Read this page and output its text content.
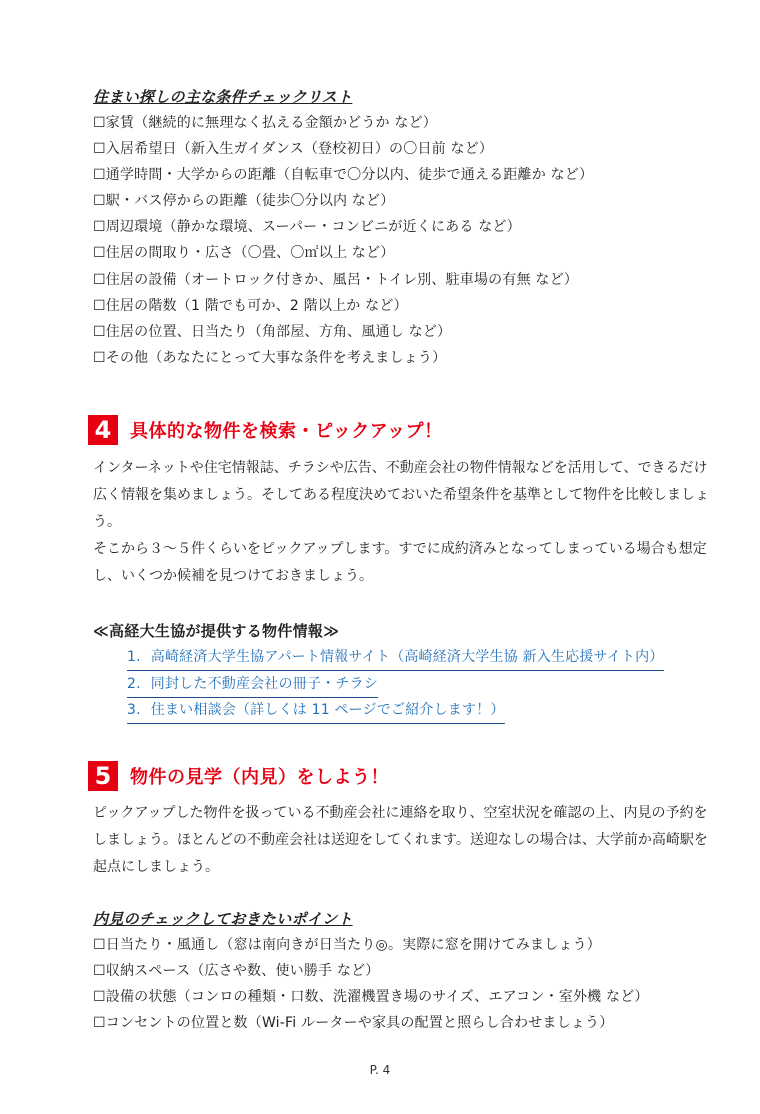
住まい探しの主な条件チェックリスト
☐家賃（継続的に無理なく払える金額かどうか など）
☐入居希望日（新入生ガイダンス（登校初日）の〇日前 など）
☐通学時間・大学からの距離（自転車で〇分以内、徒歩で通える距離か など）
☐駅・バス停からの距離（徒歩〇分以内 など）
☐周辺環境（静かな環境、スーパー・コンビニが近くにある など）
☐住居の間取り・広さ（〇畳、〇㎡以上 など）
☐住居の設備（オートロック付きか、風呂・トイレ別、駐車場の有無 など）
☐住居の階数（1 階でも可か、2 階以上か など）
☐住居の位置、日当たり（角部屋、方角、風通し など）
☐その他（あなたにとって大事な条件を考えましょう）
4	具体的な物件を検索・ピックアップ！

インターネットや住宅情報誌、チラシや広告、不動産会社の物件情報などを活用して、できるだけ広く情報を集めましょう。そしてある程度決めておいた希望条件を基準として物件を比較しましょう。

そこから３～５件くらいをピックアップします。すでに成約済みとなってしまっている場合も想定し、いくつか候補を見つけておきましょう。

≪高経大生協が提供する物件情報≫
1. 高崎経済大学生協アパート情報サイト（高崎経済大学生協 新入生応援サイト内）
2. 同封した不動産会社の冊子・チラシ
3. 住まい相談会（詳しくは 11 ページでご紹介します！）
5	物件の見学（内見）をしよう！

ピックアップした物件を扱っている不動産会社に連絡を取り、空室状況を確認の上、内見の予約をしましょう。ほとんどの不動産会社は送迎をしてくれます。送迎なしの場合は、大学前か高崎駅を起点にしましょう。

内見のチェックしておきたいポイント
☐日当たり・風通し（窓は南向きが日当たり◎。実際に窓を開けてみましょう）
☐収納スペース（広さや数、使い勝手 など）
☐設備の状態（コンロの種類・口数、洗濯機置き場のサイズ、エアコン・室外機 など）
☐コンセントの位置と数（Wi-Fi ルーターや家具の配置と照らし合わせましょう）
P. 4
